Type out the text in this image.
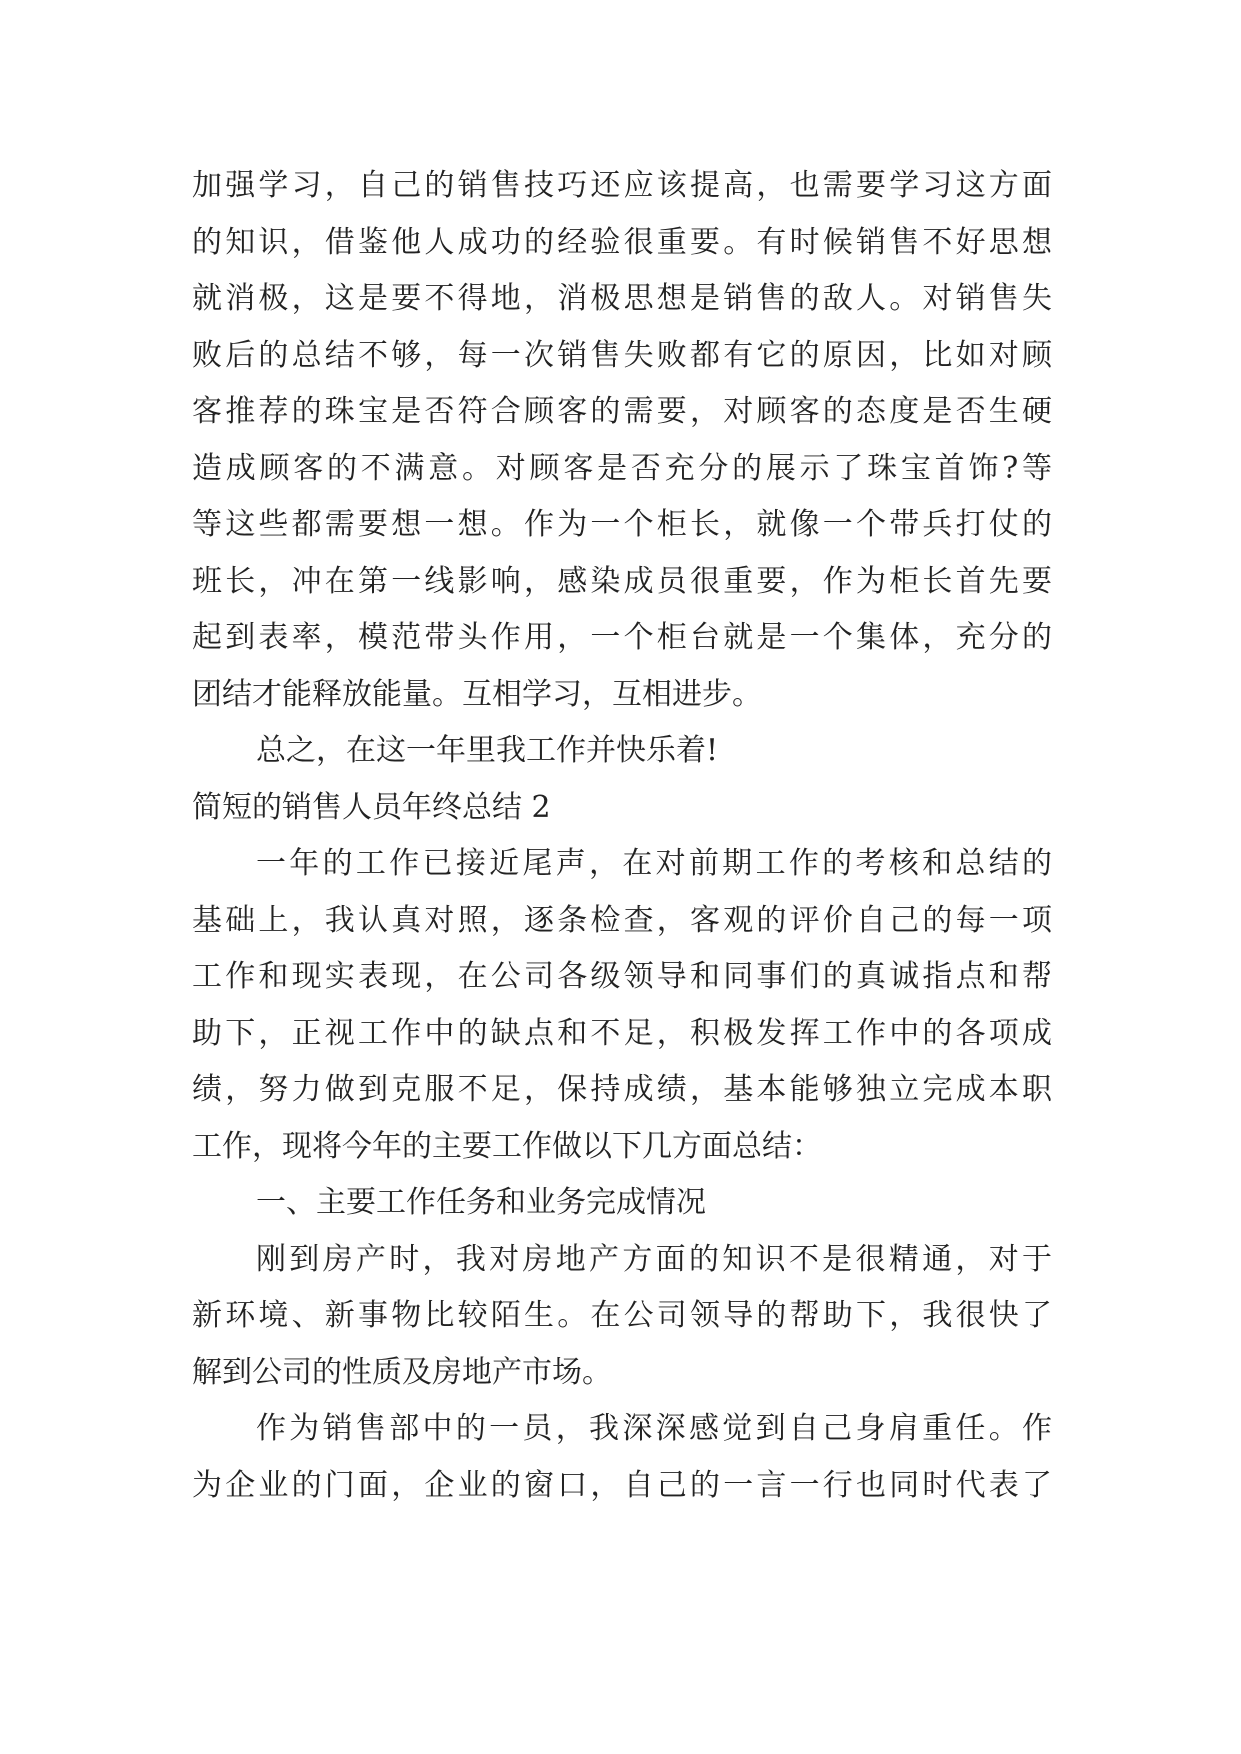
加强学习，自己的销售技巧还应该提高，也需要学习这方面
的知识，借鉴他人成功的经验很重要。有时候销售不好思想
就消极，这是要不得地，消极思想是销售的敌人。对销售失
败后的总结不够，每一次销售失败都有它的原因，比如对顾
客推荐的珠宝是否符合顾客的需要，对顾客的态度是否生硬
造成顾客的不满意。对顾客是否充分的展示了珠宝首饰?等
等这些都需要想一想。作为一个柜长，就像一个带兵打仗的
班长，冲在第一线影响，感染成员很重要，作为柜长首先要
起到表率，模范带头作用，一个柜台就是一个集体，充分的
团结才能释放能量。互相学习，互相进步。
总之，在这一年里我工作并快乐着!
简短的销售人员年终总结 2
一年的工作已接近尾声，在对前期工作的考核和总结的
基础上，我认真对照，逐条检查，客观的评价自己的每一项
工作和现实表现，在公司各级领导和同事们的真诚指点和帮
助下，正视工作中的缺点和不足，积极发挥工作中的各项成
绩，努力做到克服不足，保持成绩，基本能够独立完成本职
工作，现将今年的主要工作做以下几方面总结：
一、主要工作任务和业务完成情况
刚到房产时，我对房地产方面的知识不是很精通，对于
新环境、新事物比较陌生。在公司领导的帮助下，我很快了
解到公司的性质及房地产市场。
作为销售部中的一员，我深深感觉到自己身肩重任。作
为企业的门面，企业的窗口，自己的一言一行也同时代表了
